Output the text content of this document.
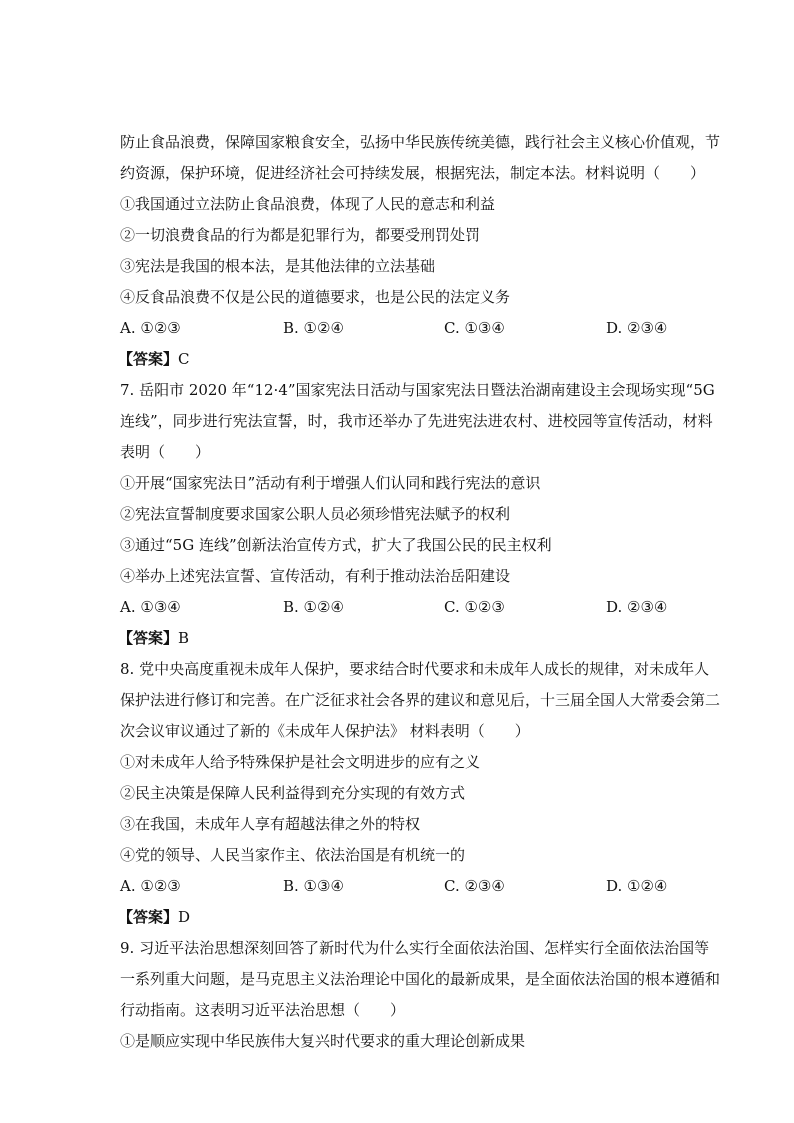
防止食品浪费，保障国家粮食安全，弘扬中华民族传统美德，践行社会主义核心价值观，节
约资源，保护环境，促进经济社会可持续发展，根据宪法，制定本法。材料说明（　　）
①我国通过立法防止食品浪费，体现了人民的意志和利益
②一切浪费食品的行为都是犯罪行为，都要受刑罚处罚
③宪法是我国的根本法，是其他法律的立法基础
④反食品浪费不仅是公民的道德要求，也是公民的法定义务
A. ①②③	B. ①②④	C. ①③④	D. ②③④
【答案】C
7. 岳阳市 2020 年“12·4”国家宪法日活动与国家宪法日暨法治湖南建设主会现场实现“5G
连线”，同步进行宪法宣誓，时，我市还举办了先进宪法进农村、进校园等宣传活动，材料
表明（　　）
①开展“国家宪法日”活动有利于增强人们认同和践行宪法的意识
②宪法宣誓制度要求国家公职人员必须珍惜宪法赋予的权利
③通过“5G 连线”创新法治宣传方式，扩大了我国公民的民主权利
④举办上述宪法宣誓、宣传活动，有利于推动法治岳阳建设
A. ①③④	B. ①②④	C. ①②③	D. ②③④
【答案】B
8. 党中央高度重视未成年人保护，要求结合时代要求和未成年人成长的规律，对未成年人
保护法进行修订和完善。在广泛征求社会各界的建议和意见后，十三届全国人大常委会第二
次会议审议通过了新的《未成年人保护法》 材料表明（　　）
①对未成年人给予特殊保护是社会文明进步的应有之义
②民主决策是保障人民利益得到充分实现的有效方式
③在我国，未成年人享有超越法律之外的特权
④党的领导、人民当家作主、依法治国是有机统一的
A. ①②③	B. ①③④	C. ②③④	D. ①②④
【答案】D
9. 习近平法治思想深刻回答了新时代为什么实行全面依法治国、怎样实行全面依法治国等
一系列重大问题，是马克思主义法治理论中国化的最新成果，是全面依法治国的根本遵循和
行动指南。这表明习近平法治思想（　　）
①是顺应实现中华民族伟大复兴时代要求的重大理论创新成果
